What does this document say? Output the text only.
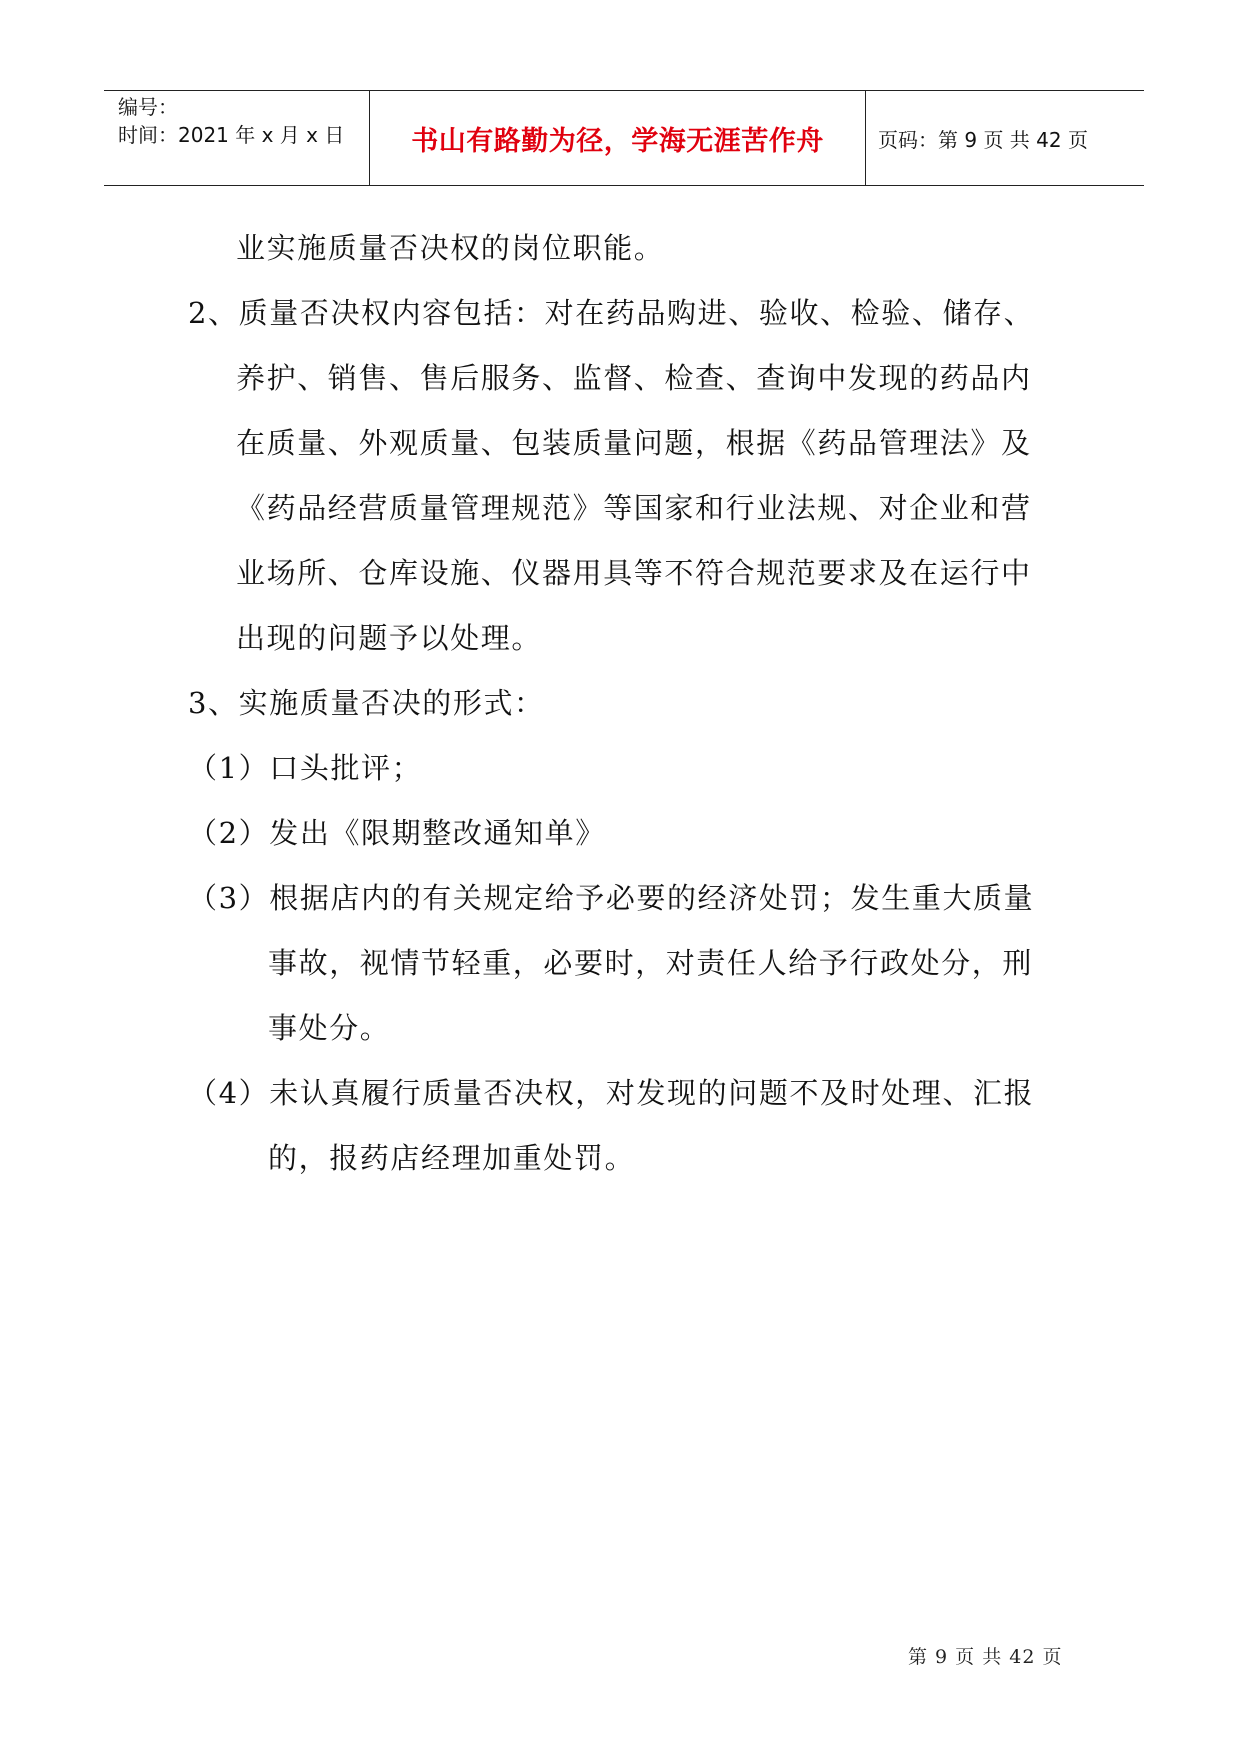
编号：
时间：2021 年 x 月 x 日 书山有路勤为径，学海无涯苦作舟	页码：第 9 页 共 42 页
业实施质量否决权的岗位职能。
2、质量否决权内容包括：对在药品购进、验收、检验、储存、
养护、销售、售后服务、监督、检查、查询中发现的药品内
在质量、外观质量、包装质量问题，根据《药品管理法》及
《药品经营质量管理规范》等国家和行业法规、对企业和营
业场所、仓库设施、仪器用具等不符合规范要求及在运行中
出现的问题予以处理。
3、实施质量否决的形式：
（1）口头批评；
（2）发出《限期整改通知单》
（3）根据店内的有关规定给予必要的经济处罚；发生重大质量
事故，视情节轻重，必要时，对责任人给予行政处分，刑
事处分。
（4）未认真履行质量否决权，对发现的问题不及时处理、汇报
的，报药店经理加重处罚。
第 9 页 共 42 页
